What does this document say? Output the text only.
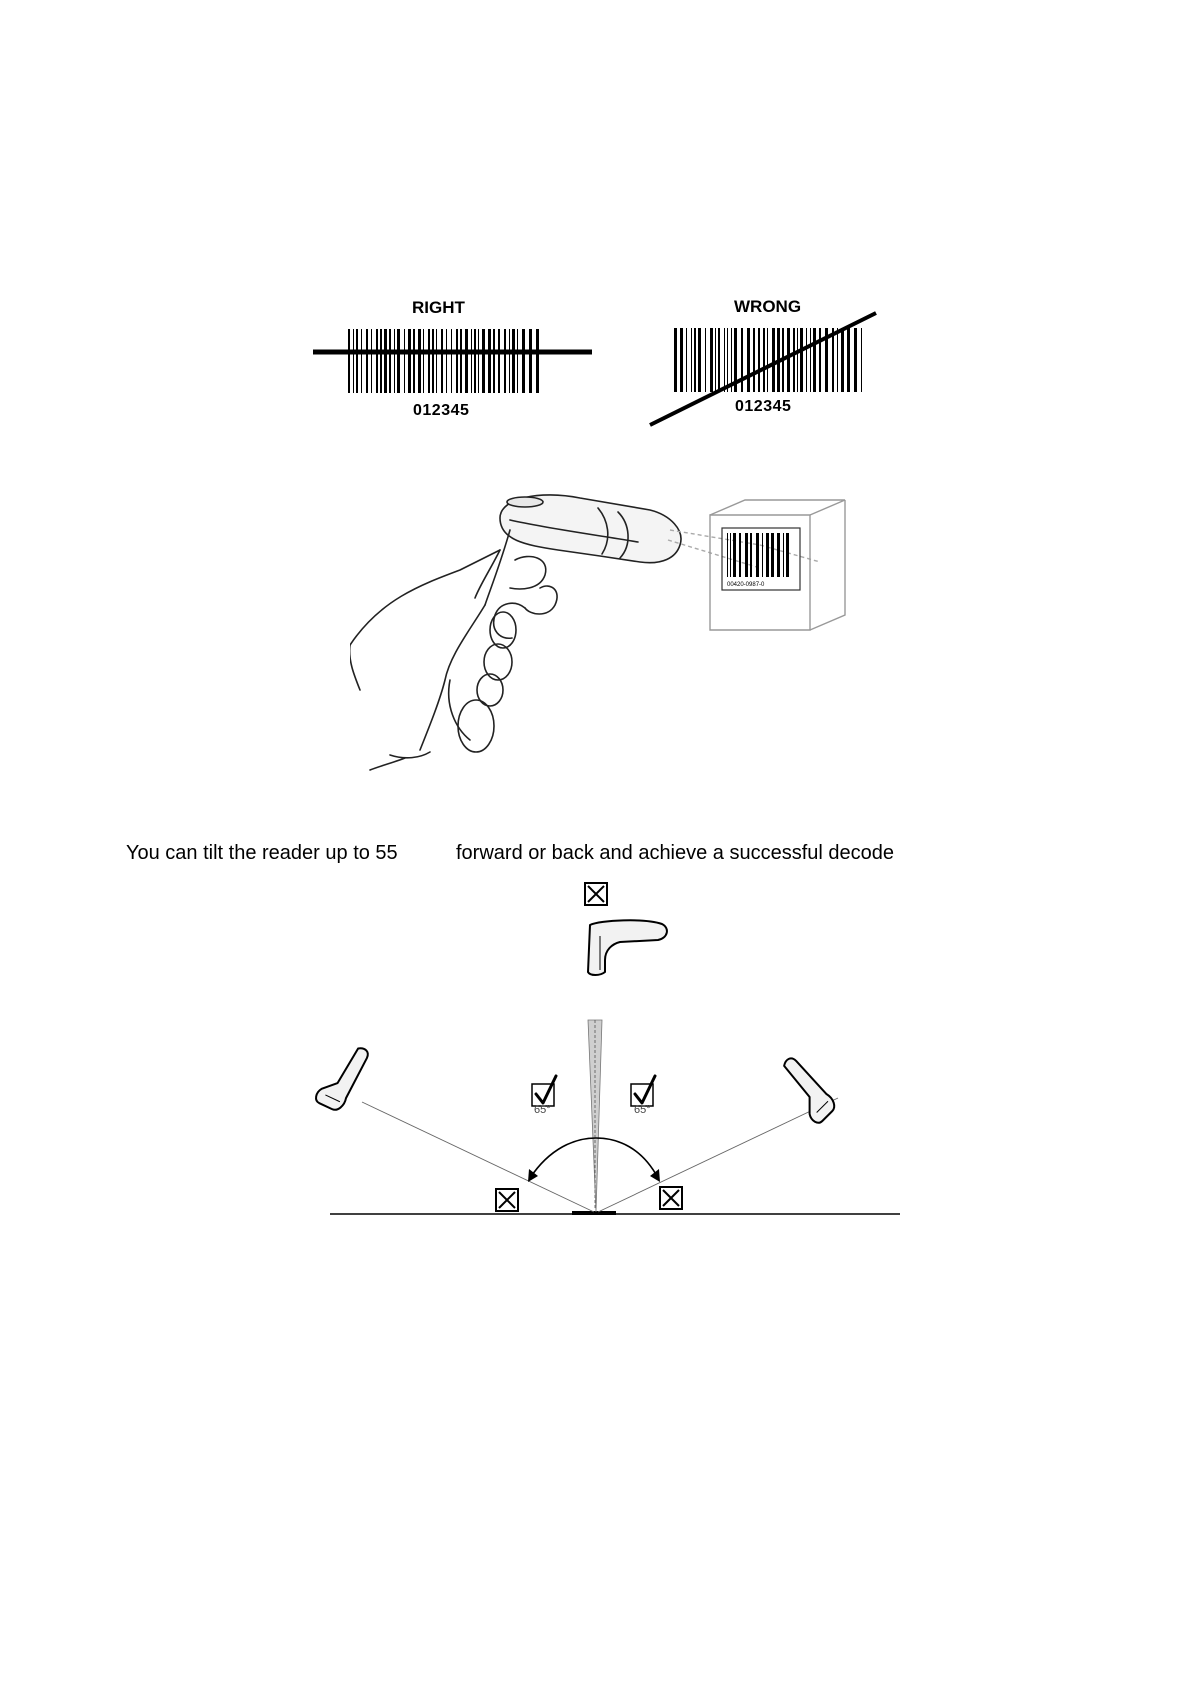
RIGHT	WRONG
012345	012345
00420-0987-0
You can tilt the reader up to 55	forward or back and achieve a successful decode
65°	65°
